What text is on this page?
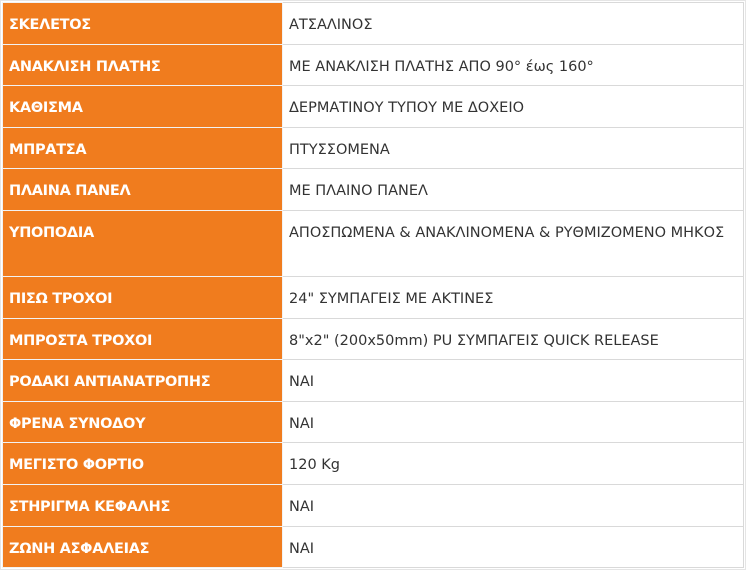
ΣΚΕΛΕΤΟΣ	ΑΤΣΑΛΙΝΟΣ
ΑΝΑΚΛΙΣΗ ΠΛΑΤΗΣ	ΜΕ ΑΝΑΚΛΙΣΗ ΠΛΑΤΗΣ ΑΠΟ 90° έως 160°
ΚΑΘΙΣΜΑ	ΔΕΡΜΑΤΙΝΟΥ ΤΥΠΟΥ ΜΕ ΔΟΧΕΙΟ
ΜΠΡΑΤΣΑ	ΠΤΥΣΣΟΜΕΝΑ
ΠΛΑΙΝΑ ΠΑΝΕΛ	ΜΕ ΠΛΑΙΝΟ ΠΑΝΕΛ
ΥΠΟΠΟΔΙΑ	ΑΠΟΣΠΩΜΕΝΑ & ΑΝΑΚΛΙΝΟΜΕΝΑ & ΡΥΘΜΙΖΟΜΕΝΟ ΜΗΚΟΣ
ΠΙΣΩ ΤΡΟΧΟΙ	24" ΣΥΜΠΑΓΕΙΣ ΜΕ ΑΚΤΙΝΕΣ
ΜΠΡΟΣΤΑ ΤΡΟΧΟΙ	8"x2" (200x50mm) PU ΣΥΜΠΑΓΕΙΣ QUICK RELEASE
ΡΟΔΑΚΙ ΑΝΤΙΑΝΑΤΡΟΠΗΣ	ΝΑΙ
ΦΡΕΝΑ ΣΥΝΟΔΟΥ	ΝΑΙ
ΜΕΓΙΣΤΟ ΦΟΡΤΙΟ	120 Kg
ΣΤΗΡΙΓΜΑ ΚΕΦΑΛΗΣ	ΝΑΙ
ΖΩΝΗ ΑΣΦΑΛΕΙΑΣ	ΝΑΙ
